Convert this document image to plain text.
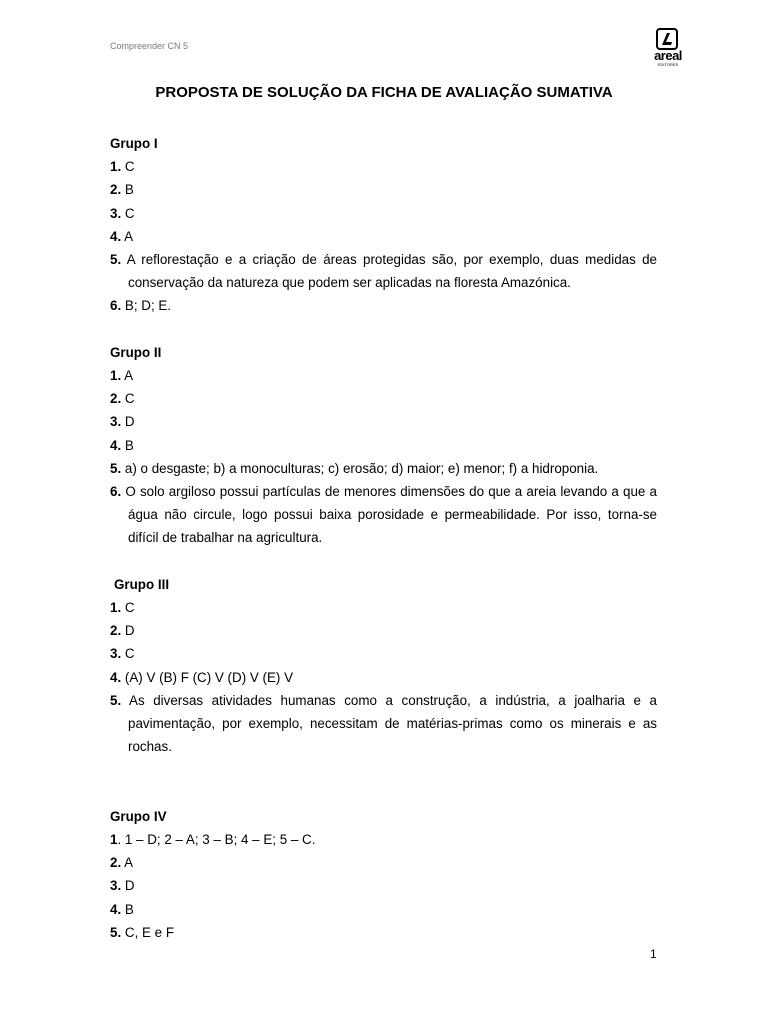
Compreender CN 5
areal
EDITORES
PROPOSTA DE SOLUÇÃO DA FICHA DE AVALIAÇÃO SUMATIVA
Grupo I
1. C
2. B
3. C
4. A
5. A reflorestação e a criação de áreas protegidas são, por exemplo, duas medidas de conservação da natureza que podem ser aplicadas na floresta Amazónica.
6. B; D; E.
Grupo II
1. A
2. C
3. D
4. B
5. a) o desgaste; b) a monoculturas; c) erosão; d) maior; e) menor; f) a hidroponia.
6. O solo argiloso possui partículas de menores dimensões do que a areia levando a que a água não circule, logo possui baixa porosidade e permeabilidade. Por isso, torna-se difícil de trabalhar na agricultura.
Grupo III
1. C
2. D
3. C
4. (A) V (B) F (C) V (D) V (E) V
5. As diversas atividades humanas como a construção, a indústria, a joalharia e a pavimentação, por exemplo, necessitam de matérias-primas como os minerais e as rochas.
Grupo IV
1. 1 – D; 2 – A; 3 – B; 4 – E; 5 – C.
2. A
3. D
4. B
5. C, E e F
1
